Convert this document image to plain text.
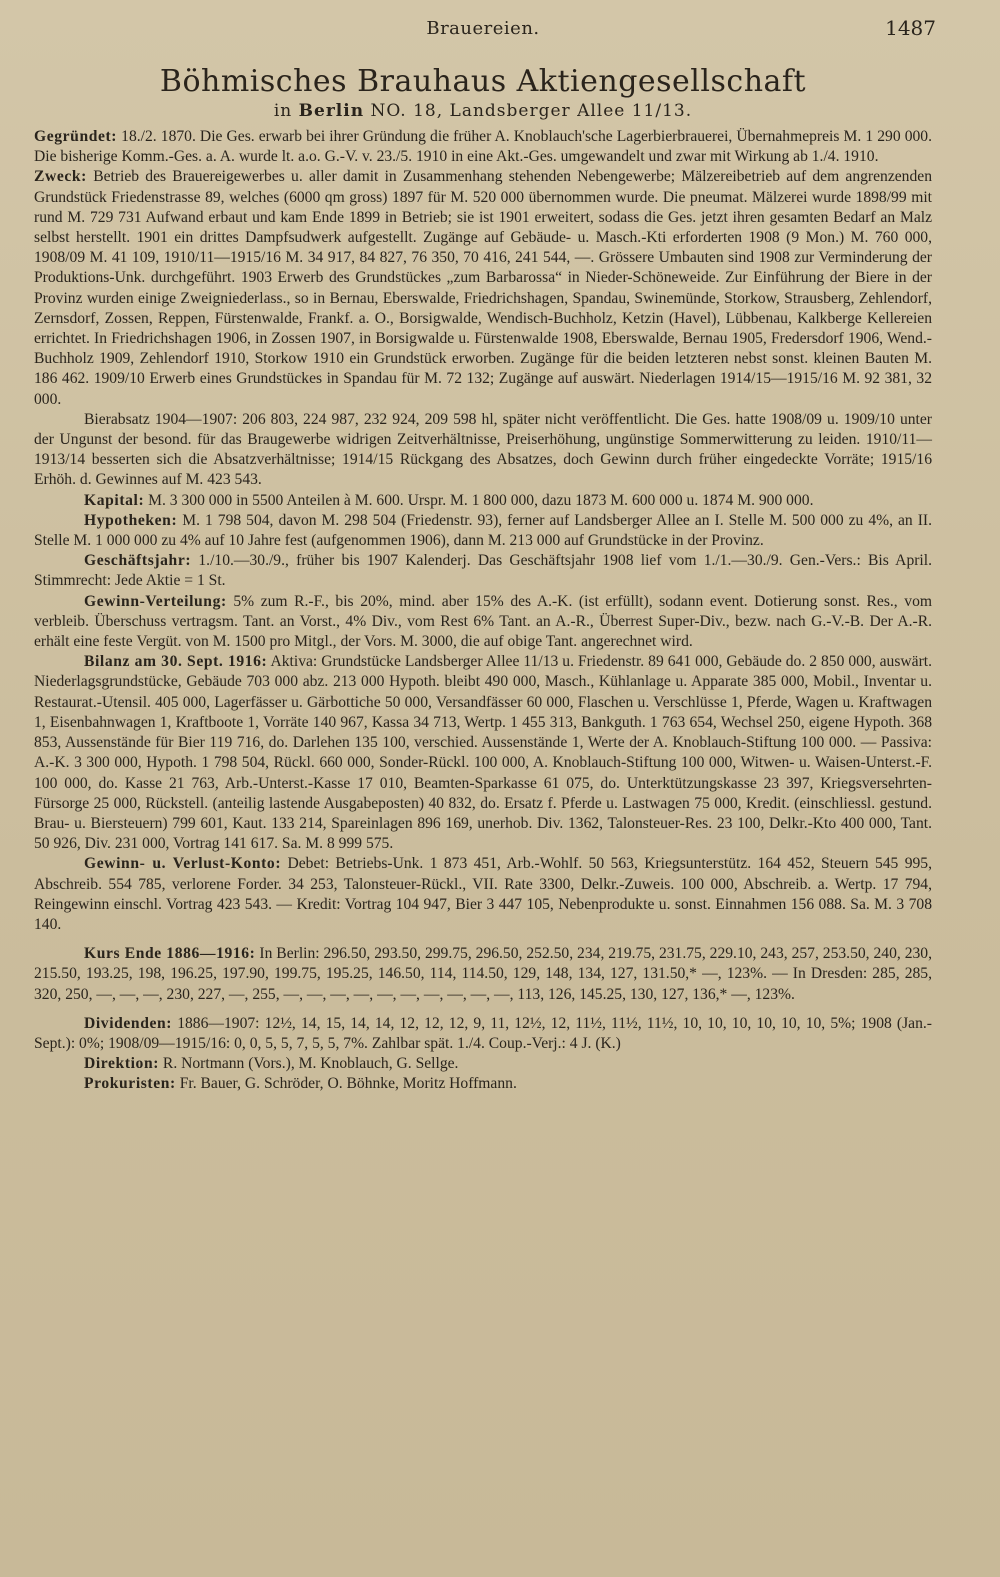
Brauereien.	1487
Böhmisches Brauhaus Aktiengesellschaft
in Berlin NO. 18, Landsberger Allee 11/13.

Gegründet: 18./2. 1870. Die Ges. erwarb bei ihrer Gründung die früher A. Knoblauch'sche Lagerbierbrauerei, Übernahmepreis M. 1 290 000. Die bisherige Komm.-Ges. a. A. wurde lt. a.o. G.-V. v. 23./5. 1910 in eine Akt.-Ges. umgewandelt und zwar mit Wirkung ab 1./4. 1910.

Zweck: Betrieb des Brauereigewerbes u. aller damit in Zusammenhang stehenden Nebengewerbe; Mälzereibetrieb auf dem angrenzenden Grundstück Friedenstrasse 89, welches (6000 qm gross) 1897 für M. 520 000 übernommen wurde. Die pneumat. Mälzerei wurde 1898/99 mit rund M. 729 731 Aufwand erbaut und kam Ende 1899 in Betrieb; sie ist 1901 erweitert, sodass die Ges. jetzt ihren gesamten Bedarf an Malz selbst herstellt. 1901 ein drittes Dampfsudwerk aufgestellt. Zugänge auf Gebäude- u. Masch.-Kti erforderten 1908 (9 Mon.) M. 760 000, 1908/09 M. 41 109, 1910/11—1915/16 M. 34 917, 84 827, 76 350, 70 416, 241 544, —. Grössere Umbauten sind 1908 zur Verminderung der Produktions-Unk. durchgeführt. 1903 Erwerb des Grundstückes „zum Barbarossa“ in Nieder-Schöneweide. Zur Einführung der Biere in der Provinz wurden einige Zweigniederlass., so in Bernau, Eberswalde, Friedrichshagen, Spandau, Swinemünde, Storkow, Strausberg, Zehlendorf, Zernsdorf, Zossen, Reppen, Fürstenwalde, Frankf. a. O., Borsigwalde, Wendisch-Buchholz, Ketzin (Havel), Lübbenau, Kalkberge Kellereien errichtet. In Friedrichshagen 1906, in Zossen 1907, in Borsigwalde u. Fürstenwalde 1908, Eberswalde, Bernau 1905, Fredersdorf 1906, Wend.-Buchholz 1909, Zehlendorf 1910, Storkow 1910 ein Grundstück erworben. Zugänge für die beiden letzteren nebst sonst. kleinen Bauten M. 186 462. 1909/10 Erwerb eines Grundstückes in Spandau für M. 72 132; Zugänge auf auswärt. Niederlagen 1914/15—1915/16 M. 92 381, 32 000.

Bierabsatz 1904—1907: 206 803, 224 987, 232 924, 209 598 hl, später nicht veröffentlicht. Die Ges. hatte 1908/09 u. 1909/10 unter der Ungunst der besond. für das Braugewerbe widrigen Zeitverhältnisse, Preiserhöhung, ungünstige Sommerwitterung zu leiden. 1910/11—1913/14 besserten sich die Absatzverhältnisse; 1914/15 Rückgang des Absatzes, doch Gewinn durch früher eingedeckte Vorräte; 1915/16 Erhöh. d. Gewinnes auf M. 423 543.

Kapital: M. 3 300 000 in 5500 Anteilen à M. 600. Urspr. M. 1 800 000, dazu 1873 M. 600 000 u. 1874 M. 900 000.

Hypotheken: M. 1 798 504, davon M. 298 504 (Friedenstr. 93), ferner auf Landsberger Allee an I. Stelle M. 500 000 zu 4%, an II. Stelle M. 1 000 000 zu 4% auf 10 Jahre fest (aufgenommen 1906), dann M. 213 000 auf Grundstücke in der Provinz.

Geschäftsjahr: 1./10.—30./9., früher bis 1907 Kalenderj. Das Geschäftsjahr 1908 lief vom 1./1.—30./9. Gen.-Vers.: Bis April. Stimmrecht: Jede Aktie = 1 St.

Gewinn-Verteilung: 5% zum R.-F., bis 20%, mind. aber 15% des A.-K. (ist erfüllt), sodann event. Dotierung sonst. Res., vom verbleib. Überschuss vertragsm. Tant. an Vorst., 4% Div., vom Rest 6% Tant. an A.-R., Überrest Super-Div., bezw. nach G.-V.-B. Der A.-R. erhält eine feste Vergüt. von M. 1500 pro Mitgl., der Vors. M. 3000, die auf obige Tant. angerechnet wird.

Bilanz am 30. Sept. 1916: Aktiva: Grundstücke Landsberger Allee 11/13 u. Friedenstr. 89 641 000, Gebäude do. 2 850 000, auswärt. Niederlagsgrundstücke, Gebäude 703 000 abz. 213 000 Hypoth. bleibt 490 000, Masch., Kühlanlage u. Apparate 385 000, Mobil., Inventar u. Restaurat.-Utensil. 405 000, Lagerfässer u. Gärbottiche 50 000, Versandfässer 60 000, Flaschen u. Verschlüsse 1, Pferde, Wagen u. Kraftwagen 1, Eisenbahnwagen 1, Kraftboote 1, Vorräte 140 967, Kassa 34 713, Wertp. 1 455 313, Bankguth. 1 763 654, Wechsel 250, eigene Hypoth. 368 853, Aussenstände für Bier 119 716, do. Darlehen 135 100, verschied. Aussenstände 1, Werte der A. Knoblauch-Stiftung 100 000. — Passiva: A.-K. 3 300 000, Hypoth. 1 798 504, Rückl. 660 000, Sonder-Rückl. 100 000, A. Knoblauch-Stiftung 100 000, Witwen- u. Waisen-Unterst.-F. 100 000, do. Kasse 21 763, Arb.-Unterst.-Kasse 17 010, Beamten-Sparkasse 61 075, do. Unterktützungskasse 23 397, Kriegsversehrten-Fürsorge 25 000, Rückstell. (anteilig lastende Ausgabeposten) 40 832, do. Ersatz f. Pferde u. Lastwagen 75 000, Kredit. (einschliessl. gestund. Brau- u. Biersteuern) 799 601, Kaut. 133 214, Spareinlagen 896 169, unerhob. Div. 1362, Talonsteuer-Res. 23 100, Delkr.-Kto 400 000, Tant. 50 926, Div. 231 000, Vortrag 141 617. Sa. M. 8 999 575.

Gewinn- u. Verlust-Konto: Debet: Betriebs-Unk. 1 873 451, Arb.-Wohlf. 50 563, Kriegsunterstütz. 164 452, Steuern 545 995, Abschreib. 554 785, verlorene Forder. 34 253, Talonsteuer-Rückl., VII. Rate 3300, Delkr.-Zuweis. 100 000, Abschreib. a. Wertp. 17 794, Reingewinn einschl. Vortrag 423 543. — Kredit: Vortrag 104 947, Bier 3 447 105, Nebenprodukte u. sonst. Einnahmen 156 088. Sa. M. 3 708 140.

Kurs Ende 1886—1916: In Berlin: 296.50, 293.50, 299.75, 296.50, 252.50, 234, 219.75, 231.75, 229.10, 243, 257, 253.50, 240, 230, 215.50, 193.25, 198, 196.25, 197.90, 199.75, 195.25, 146.50, 114, 114.50, 129, 148, 134, 127, 131.50,* —, 123%. — In Dresden: 285, 285, 320, 250, —, —, —, 230, 227, —, 255, —, —, —, —, —, —, —, —, —, —, 113, 126, 145.25, 130, 127, 136,* —, 123%.

Dividenden: 1886—1907: 12½, 14, 15, 14, 14, 12, 12, 12, 9, 11, 12½, 12, 11½, 11½, 11½, 10, 10, 10, 10, 10, 10, 5%; 1908 (Jan.-Sept.): 0%; 1908/09—1915/16: 0, 0, 5, 5, 7, 5, 5, 7%. Zahlbar spät. 1./4. Coup.-Verj.: 4 J. (K.)

Direktion: R. Nortmann (Vors.), M. Knoblauch, G. Sellge.

Prokuristen: Fr. Bauer, G. Schröder, O. Böhnke, Moritz Hoffmann.
